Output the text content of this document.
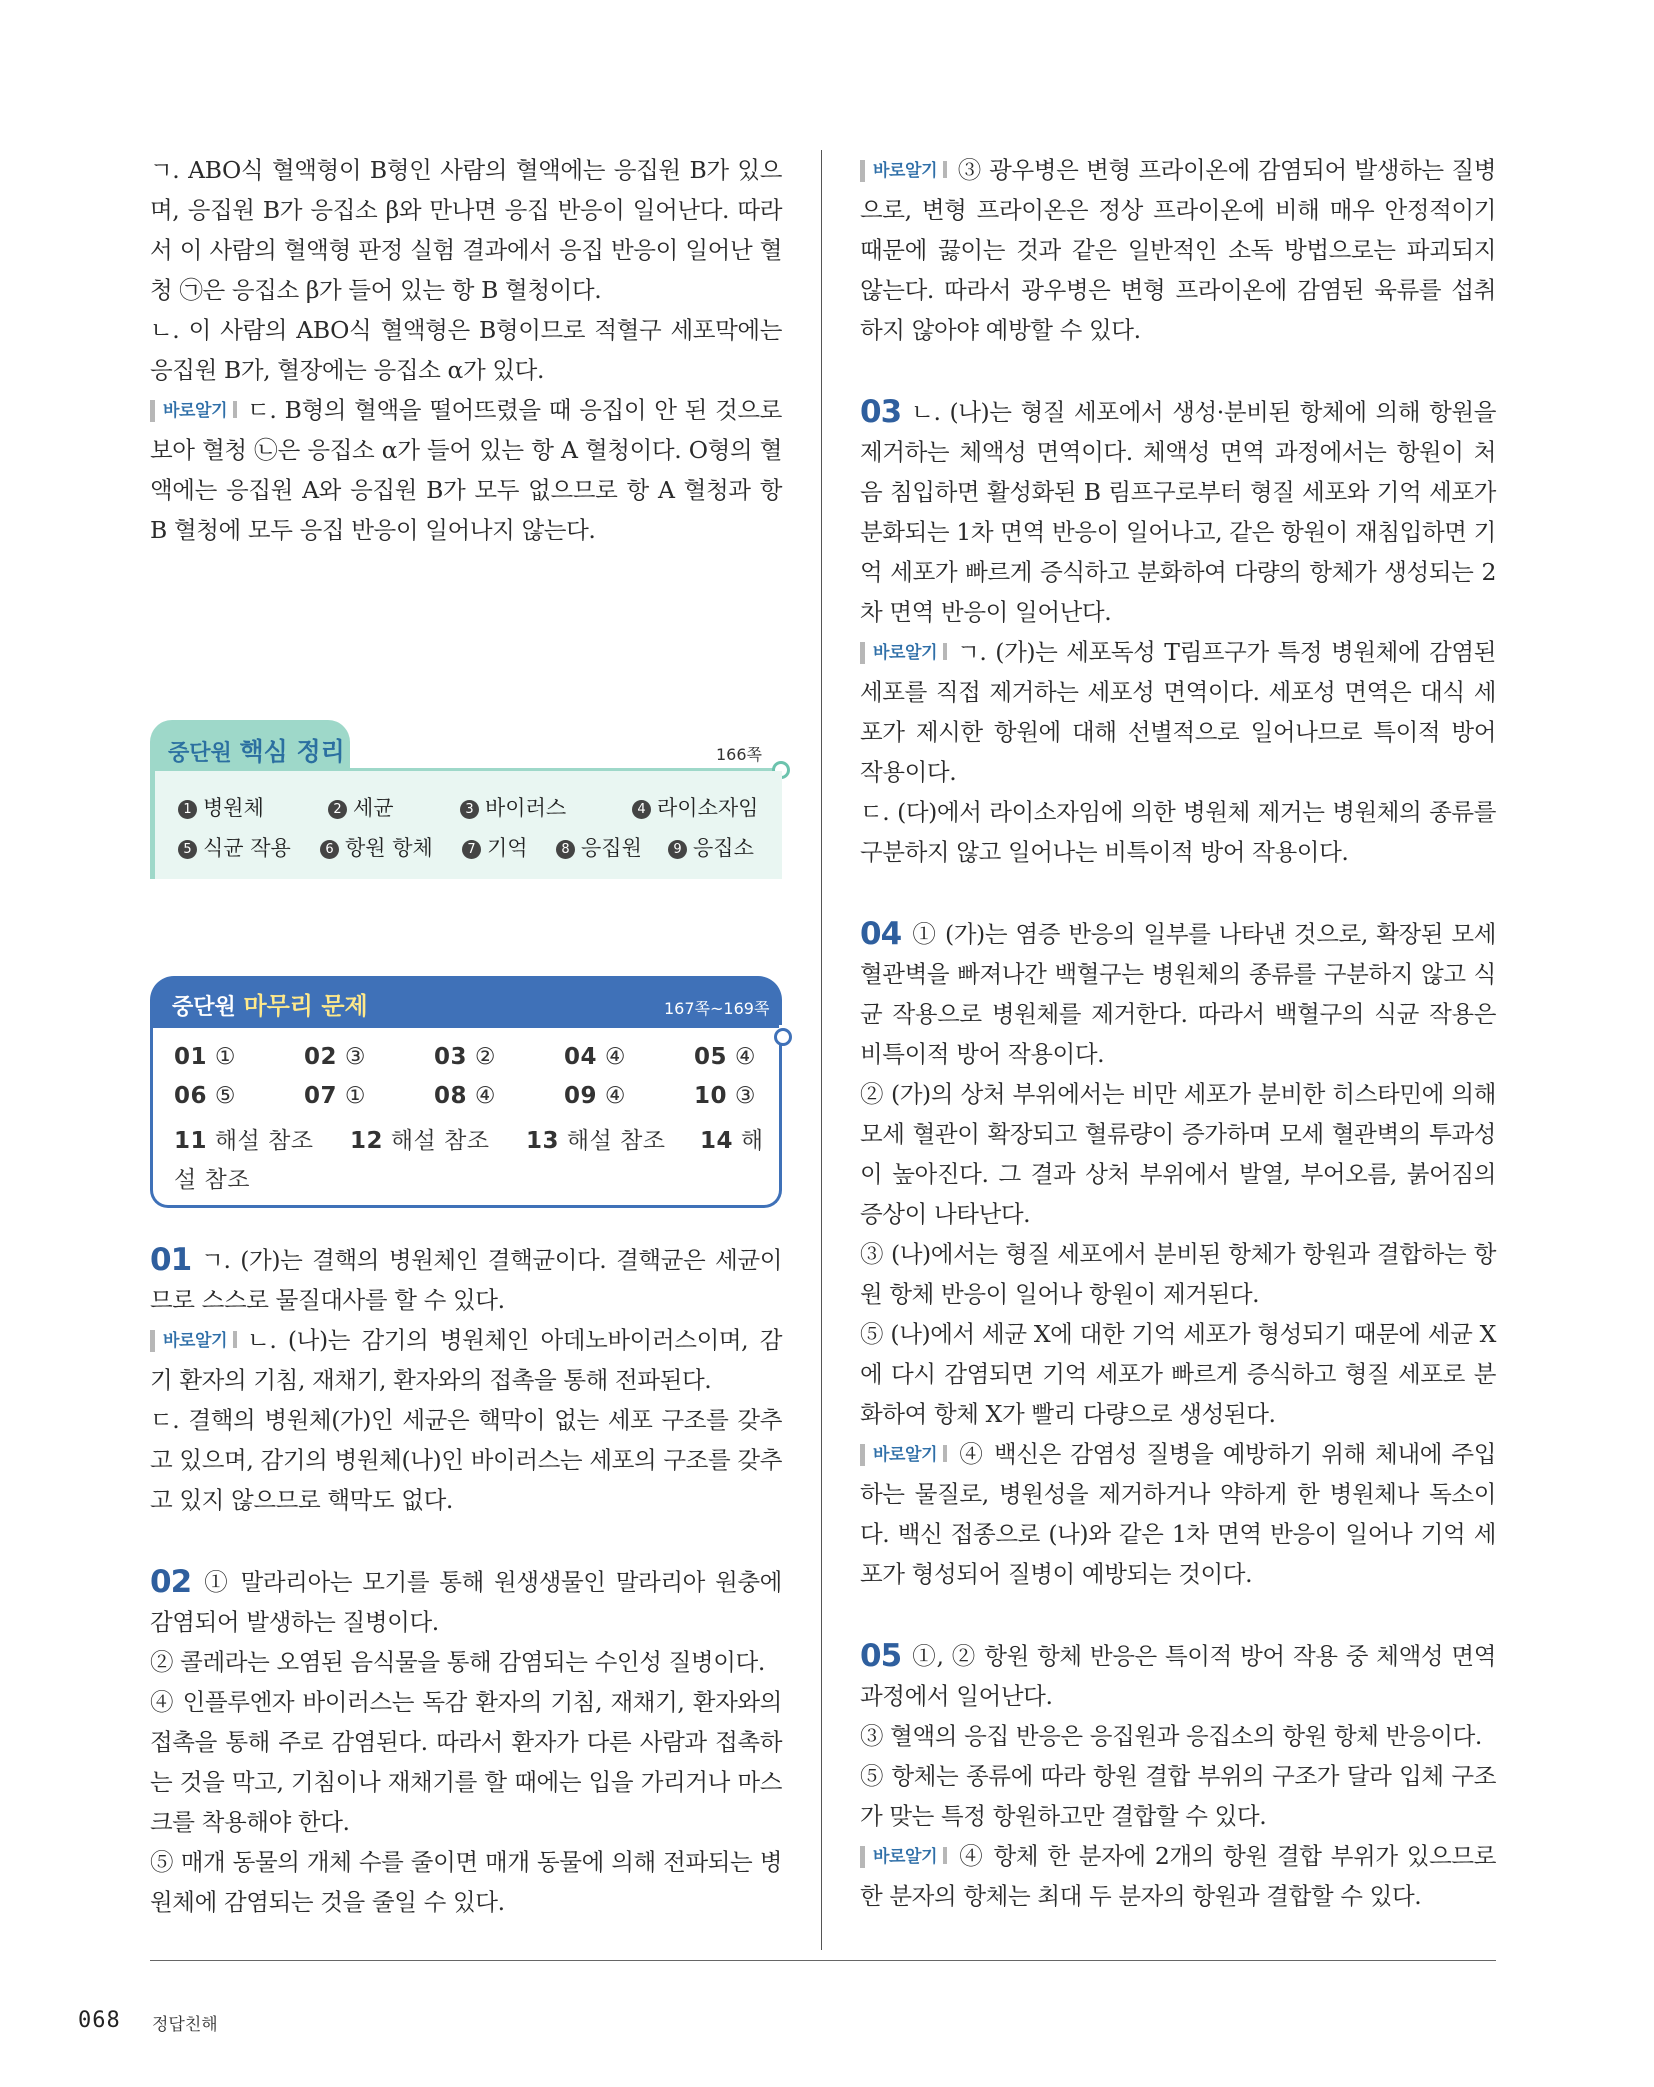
ㄱ. ABO식 혈액형이 B형인 사람의 혈액에는 응집원 B가 있으며, 응집원 B가 응집소 β와 만나면 응집 반응이 일어난다. 따라서 이 사람의 혈액형 판정 실험 결과에서 응집 반응이 일어난 혈청 ㉠은 응집소 β가 들어 있는 항 B 혈청이다.
ㄴ. 이 사람의 ABO식 혈액형은 B형이므로 적혈구 세포막에는 응집원 B가, 혈장에는 응집소 α가 있다.
바로알기 ㄷ. B형의 혈액을 떨어뜨렸을 때 응집이 안 된 것으로 보아 혈청 ㉡은 응집소 α가 들어 있는 항 A 혈청이다. O형의 혈액에는 응집원 A와 응집원 B가 모두 없으므로 항 A 혈청과 항 B 혈청에 모두 응집 반응이 일어나지 않는다.
01 ㄱ. (가)는 결핵의 병원체인 결핵균이다. 결핵균은 세균이므로 스스로 물질대사를 할 수 있다.
바로알기 ㄴ. (나)는 감기의 병원체인 아데노바이러스이며, 감기 환자의 기침, 재채기, 환자와의 접촉을 통해 전파된다.
ㄷ. 결핵의 병원체(가)인 세균은 핵막이 없는 세포 구조를 갖추고 있으며, 감기의 병원체(나)인 바이러스는 세포의 구조를 갖추고 있지 않으므로 핵막도 없다.
02 ① 말라리아는 모기를 통해 원생생물인 말라리아 원충에 감염되어 발생하는 질병이다.
② 콜레라는 오염된 음식물을 통해 감염되는 수인성 질병이다.
④ 인플루엔자 바이러스는 독감 환자의 기침, 재채기, 환자와의 접촉을 통해 주로 감염된다. 따라서 환자가 다른 사람과 접촉하는 것을 막고, 기침이나 재채기를 할 때에는 입을 가리거나 마스크를 착용해야 한다.
⑤ 매개 동물의 개체 수를 줄이면 매개 동물에 의해 전파되는 병원체에 감염되는 것을 줄일 수 있다.
중단원 핵심 정리	166쪽
1 병원체	2 세균	3 바이러스	4 라이소자임
5 식균 작용	6 항원 항체	7 기억	8 응집원	9 응집소
중단원 마무리 문제	167쪽~169쪽
01 ①	02 ③	03 ②	04 ④	05 ④
06 ⑤	07 ①	08 ④	09 ④	10 ③
11 해설 참조 12 해설 참조 13 해설 참조 14 해
설 참조
바로알기 ③ 광우병은 변형 프라이온에 감염되어 발생하는 질병으로, 변형 프라이온은 정상 프라이온에 비해 매우 안정적이기 때문에 끓이는 것과 같은 일반적인 소독 방법으로는 파괴되지 않는다. 따라서 광우병은 변형 프라이온에 감염된 육류를 섭취하지 않아야 예방할 수 있다.
03 ㄴ. (나)는 형질 세포에서 생성·분비된 항체에 의해 항원을 제거하는 체액성 면역이다. 체액성 면역 과정에서는 항원이 처음 침입하면 활성화된 B 림프구로부터 형질 세포와 기억 세포가 분화되는 1차 면역 반응이 일어나고, 같은 항원이 재침입하면 기억 세포가 빠르게 증식하고 분화하여 다량의 항체가 생성되는 2차 면역 반응이 일어난다.
바로알기 ㄱ. (가)는 세포독성 T림프구가 특정 병원체에 감염된 세포를 직접 제거하는 세포성 면역이다. 세포성 면역은 대식 세포가 제시한 항원에 대해 선별적으로 일어나므로 특이적 방어 작용이다.
ㄷ. (다)에서 라이소자임에 의한 병원체 제거는 병원체의 종류를 구분하지 않고 일어나는 비특이적 방어 작용이다.
04 ① (가)는 염증 반응의 일부를 나타낸 것으로, 확장된 모세혈관벽을 빠져나간 백혈구는 병원체의 종류를 구분하지 않고 식균 작용으로 병원체를 제거한다. 따라서 백혈구의 식균 작용은 비특이적 방어 작용이다.
② (가)의 상처 부위에서는 비만 세포가 분비한 히스타민에 의해 모세 혈관이 확장되고 혈류량이 증가하며 모세 혈관벽의 투과성이 높아진다. 그 결과 상처 부위에서 발열, 부어오름, 붉어짐의 증상이 나타난다.
③ (나)에서는 형질 세포에서 분비된 항체가 항원과 결합하는 항원 항체 반응이 일어나 항원이 제거된다.
⑤ (나)에서 세균 X에 대한 기억 세포가 형성되기 때문에 세균 X에 다시 감염되면 기억 세포가 빠르게 증식하고 형질 세포로 분화하여 항체 X가 빨리 다량으로 생성된다.
바로알기 ④ 백신은 감염성 질병을 예방하기 위해 체내에 주입하는 물질로, 병원성을 제거하거나 약하게 한 병원체나 독소이다. 백신 접종으로 (나)와 같은 1차 면역 반응이 일어나 기억 세포가 형성되어 질병이 예방되는 것이다.
05 ①, ② 항원 항체 반응은 특이적 방어 작용 중 체액성 면역 과정에서 일어난다.
③ 혈액의 응집 반응은 응집원과 응집소의 항원 항체 반응이다.
⑤ 항체는 종류에 따라 항원 결합 부위의 구조가 달라 입체 구조가 맞는 특정 항원하고만 결합할 수 있다.
바로알기 ④ 항체 한 분자에 2개의 항원 결합 부위가 있으므로 한 분자의 항체는 최대 두 분자의 항원과 결합할 수 있다.
068 정답친해
